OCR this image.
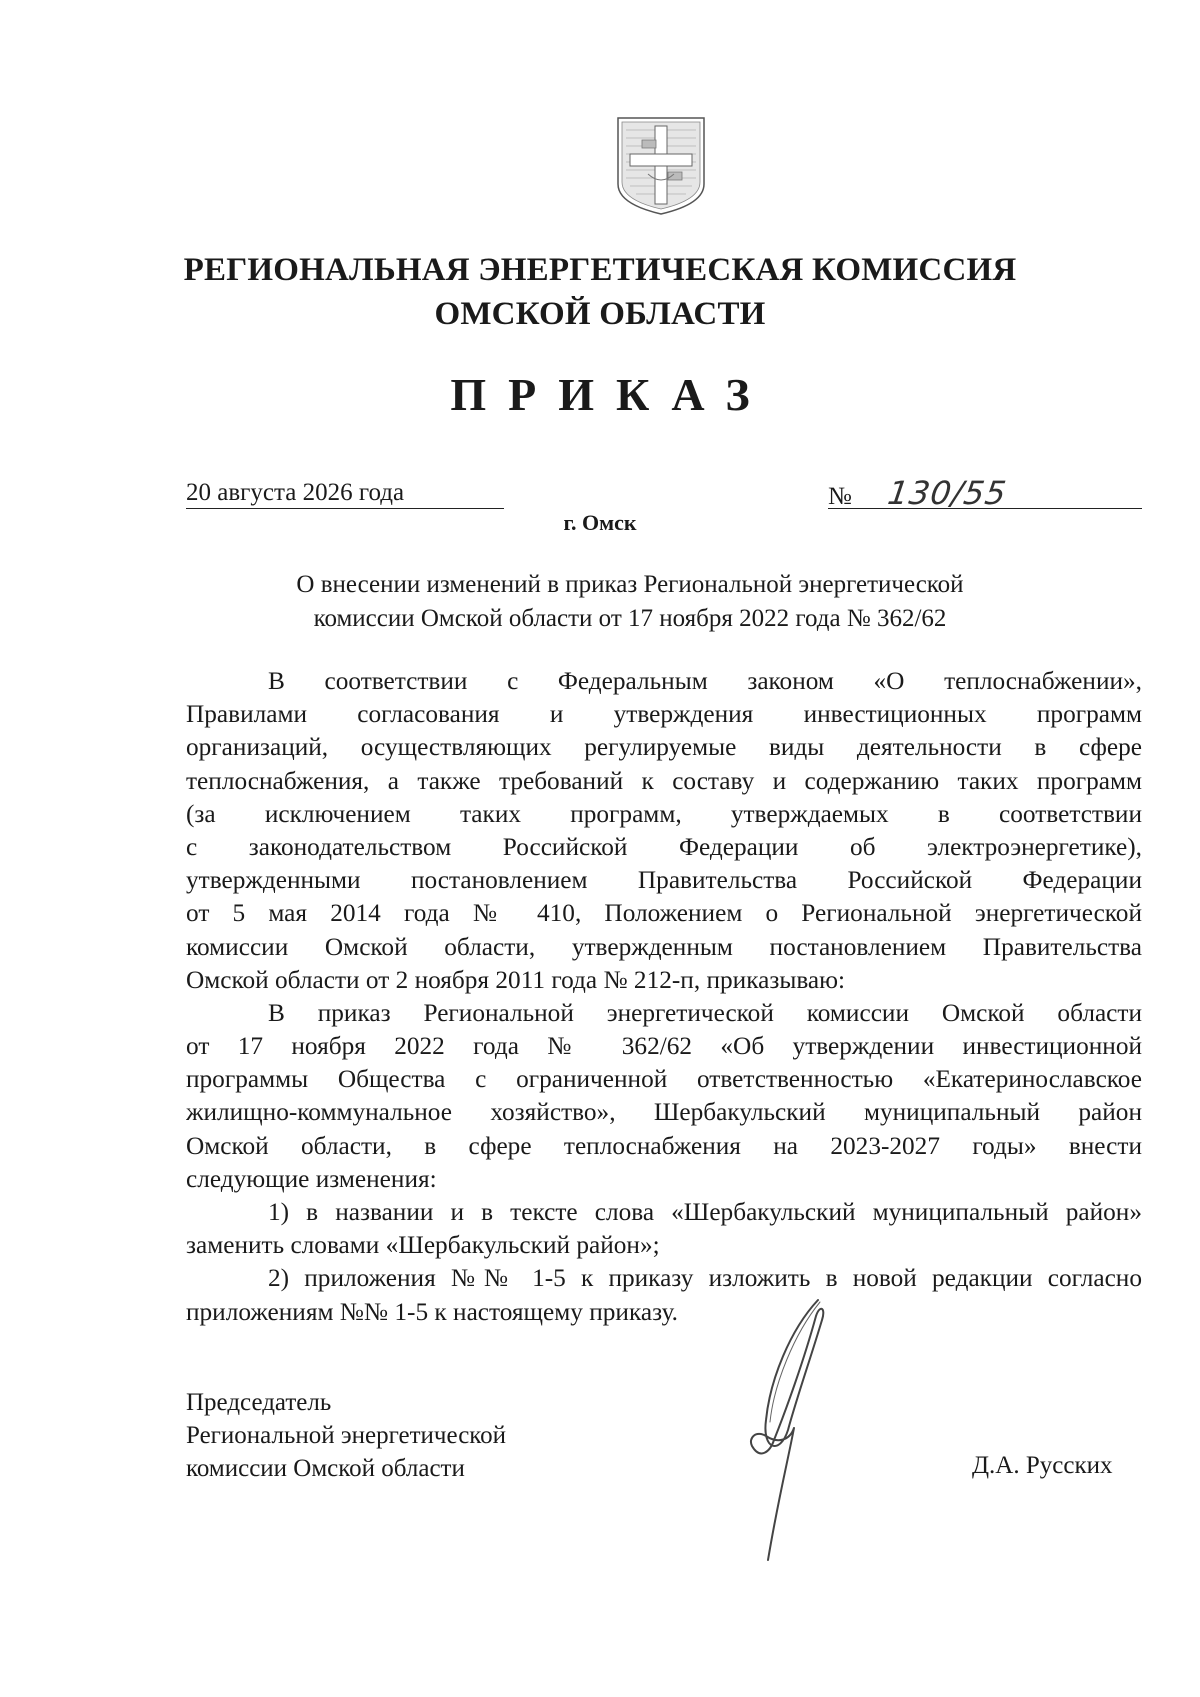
РЕГИОНАЛЬНАЯ ЭНЕРГЕТИЧЕСКАЯ КОМИССИЯ
ОМСКОЙ ОБЛАСТИ
ПРИКАЗ
20 августа 2026 года	№ 130/55
г. Омск
О внесении изменений в приказ Региональной энергетической
комиссии Омской области от 17 ноября 2022 года № 362/62
В соответствии с Федеральным законом «О теплоснабжении»,
Правилами согласования и утверждения инвестиционных программ
организаций, осуществляющих регулируемые виды деятельности в сфере
теплоснабжения, а также требований к составу и содержанию таких программ
(за исключением таких программ, утверждаемых в соответствии
с законодательством Российской Федерации об электроэнергетике),
утвержденными постановлением Правительства Российской Федерации
от 5 мая 2014 года № 410, Положением о Региональной энергетической
комиссии Омской области, утвержденным постановлением Правительства
Омской области от 2 ноября 2011 года № 212-п, приказываю:
В приказ Региональной энергетической комиссии Омской области
от 17 ноября 2022 года № 362/62 «Об утверждении инвестиционной
программы Общества с ограниченной ответственностью «Екатеринославское
жилищно-коммунальное хозяйство», Шербакульский муниципальный район
Омской области, в сфере теплоснабжения на 2023-2027 годы» внести
следующие изменения:
1) в названии и в тексте слова «Шербакульский муниципальный район»
заменить словами «Шербакульский район»;
2) приложения №№ 1-5 к приказу изложить в новой редакции согласно
приложениям №№ 1-5 к настоящему приказу.
Председатель
Региональной энергетической
комиссии Омской области	Д.А. Русских
